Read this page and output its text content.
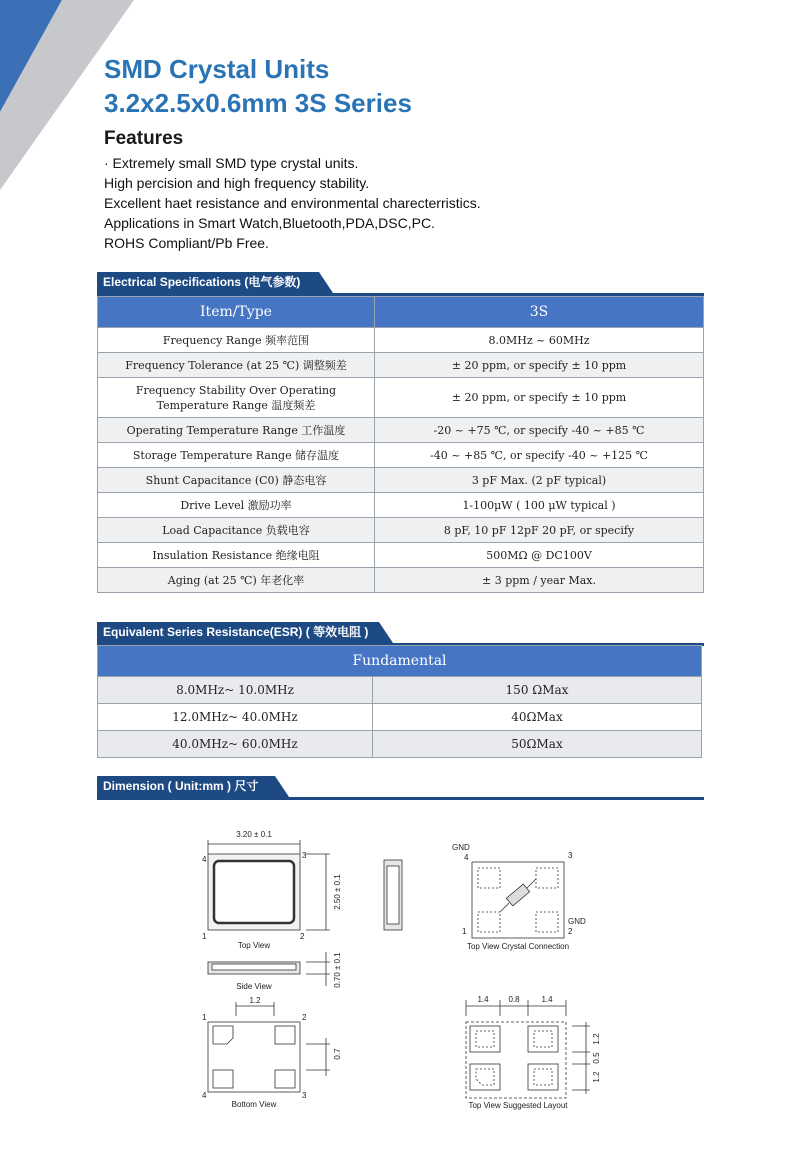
SMD Crystal Units
3.2x2.5x0.6mm 3S Series
Features
· Extremely small SMD type crystal units.
High percision and high frequency stability.
Excellent haet resistance and environmental charecterristics.
Applications in Smart Watch,Bluetooth,PDA,DSC,PC.
ROHS Compliant/Pb Free.
Electrical Specifications (电气参数)
Item/Type	3S
Frequency Range 频率范围	8.0MHz ~ 60MHz
Frequency Tolerance (at 25 ℃) 调整频差	± 20 ppm, or specify ± 10 ppm

Frequency Stability Over Operating
Temperature Range 温度频差	± 20 ppm, or specify ± 10 ppm
Operating Temperature Range 工作温度	-20 ~ +75 ℃, or specify -40 ~ +85 ℃
Storage Temperature Range 储存温度	-40 ~ +85 ℃, or specify -40 ~ +125 ℃
Shunt Capacitance (C0) 静态电容	3 pF Max. (2 pF typical)
Drive Level 激励功率	1-100μW ( 100 μW typical )
Load Capacitance 负载电容	8 pF, 10 pF 12pF 20 pF, or specify
Insulation Resistance 绝缘电阻	500MΩ @ DC100V
Aging (at 25 ℃) 年老化率	± 3 ppm / year Max.
Equivalent Series Resistance(ESR) ( 等效电阻 )
Fundamental	
8.0MHz~ 10.0MHz	150 ΩMax
12.0MHz~ 40.0MHz	40ΩMax
40.0MHz~ 60.0MHz	50ΩMax
Dimension ( Unit:mm ) 尺寸
3.20 ± 0.1
2.50 ± 0.1
4	3
1	2
Top View
0.70 ± 0.1
Side View
1.2
0.7
1	2
4	3
Bottom View
GND
4	3
GND
2
1
Top View Crystal Connection
1.4 0.8	1.4
1.2
0.5
1.2
Top View Suggested Layout
